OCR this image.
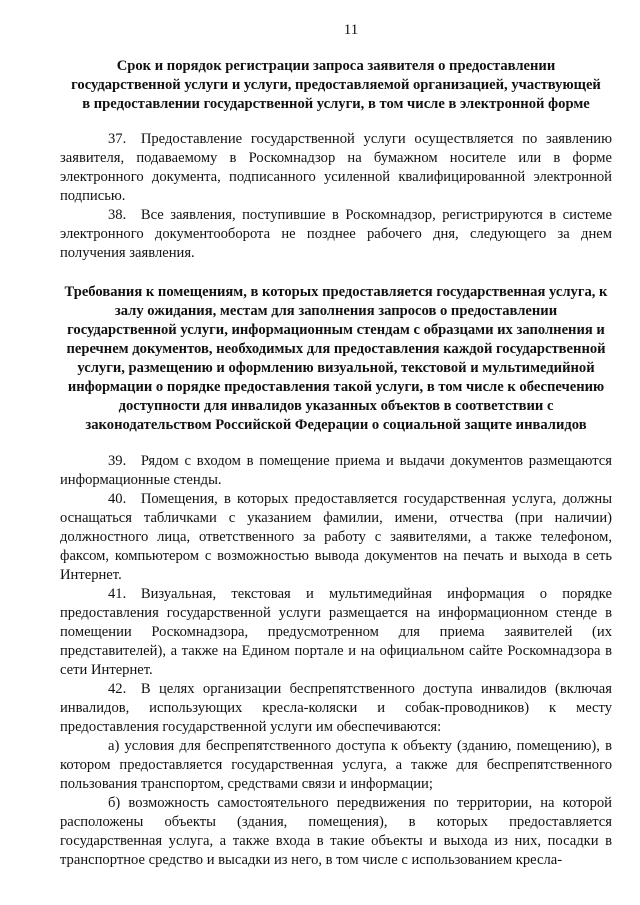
11
Срок и порядок регистрации запроса заявителя о предоставлении государственной услуги и услуги, предоставляемой организацией, участвующей в предоставлении государственной услуги, в том числе в электронной форме

37. Предоставление государственной услуги осуществляется по заявлению заявителя, подаваемому в Роскомнадзор на бумажном носителе или в форме электронного документа, подписанного усиленной квалифицированной электронной подписью.

38. Все заявления, поступившие в Роскомнадзор, регистрируются в системе электронного документооборота не позднее рабочего дня, следующего за днем получения заявления.

Требования к помещениям, в которых предоставляется государственная услуга, к залу ожидания, местам для заполнения запросов о предоставлении государственной услуги, информационным стендам с образцами их заполнения и перечнем документов, необходимых для предоставления каждой государственной услуги, размещению и оформлению визуальной, текстовой и мультимедийной информации о порядке предоставления такой услуги, в том числе к обеспечению доступности для инвалидов указанных объектов в соответствии с законодательством Российской Федерации о социальной защите инвалидов

39. Рядом с входом в помещение приема и выдачи документов размещаются информационные стенды.

40. Помещения, в которых предоставляется государственная услуга, должны оснащаться табличками с указанием фамилии, имени, отчества (при наличии) должностного лица, ответственного за работу с заявителями, а также телефоном, факсом, компьютером с возможностью вывода документов на печать и выхода в сеть Интернет.

41. Визуальная, текстовая и мультимедийная информация о порядке предоставления государственной услуги размещается на информационном стенде в помещении Роскомнадзора, предусмотренном для приема заявителей (их представителей), а также на Едином портале и на официальном сайте Роскомнадзора в сети Интернет.

42. В целях организации беспрепятственного доступа инвалидов (включая инвалидов, использующих кресла-коляски и собак-проводников) к месту предоставления государственной услуги им обеспечиваются:

а) условия для беспрепятственного доступа к объекту (зданию, помещению), в котором предоставляется государственная услуга, а также для беспрепятственного пользования транспортом, средствами связи и информации;

б) возможность самостоятельного передвижения по территории, на которой расположены объекты (здания, помещения), в которых предоставляется государственная услуга, а также входа в такие объекты и выхода из них, посадки в транспортное средство и высадки из него, в том числе с использованием кресла-
